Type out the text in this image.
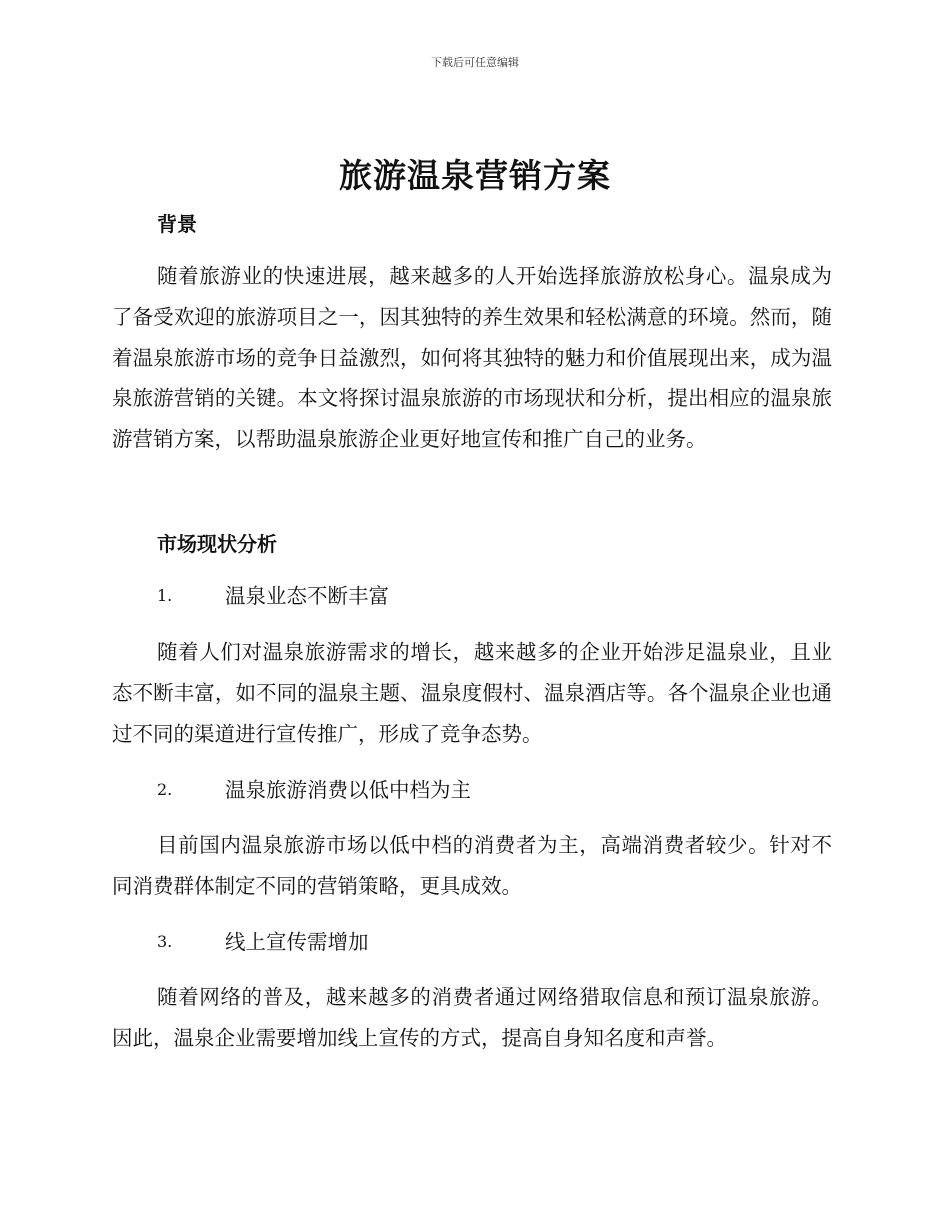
下载后可任意编辑
旅游温泉营销方案
背景

随着旅游业的快速进展，越来越多的人开始选择旅游放松身心。温泉成为了备受欢迎的旅游项目之一，因其独特的养生效果和轻松满意的环境。然而，随着温泉旅游市场的竞争日益激烈，如何将其独特的魅力和价值展现出来，成为温泉旅游营销的关键。本文将探讨温泉旅游的市场现状和分析，提出相应的温泉旅游营销方案，以帮助温泉旅游企业更好地宣传和推广自己的业务。

市场现状分析
1.	温泉业态不断丰富

随着人们对温泉旅游需求的增长，越来越多的企业开始涉足温泉业，且业态不断丰富，如不同的温泉主题、温泉度假村、温泉酒店等。各个温泉企业也通过不同的渠道进行宣传推广，形成了竞争态势。

2.	温泉旅游消费以低中档为主

目前国内温泉旅游市场以低中档的消费者为主，高端消费者较少。针对不同消费群体制定不同的营销策略，更具成效。

3.	线上宣传需增加

随着网络的普及，越来越多的消费者通过网络猎取信息和预订温泉旅游。因此，温泉企业需要增加线上宣传的方式，提高自身知名度和声誉。
